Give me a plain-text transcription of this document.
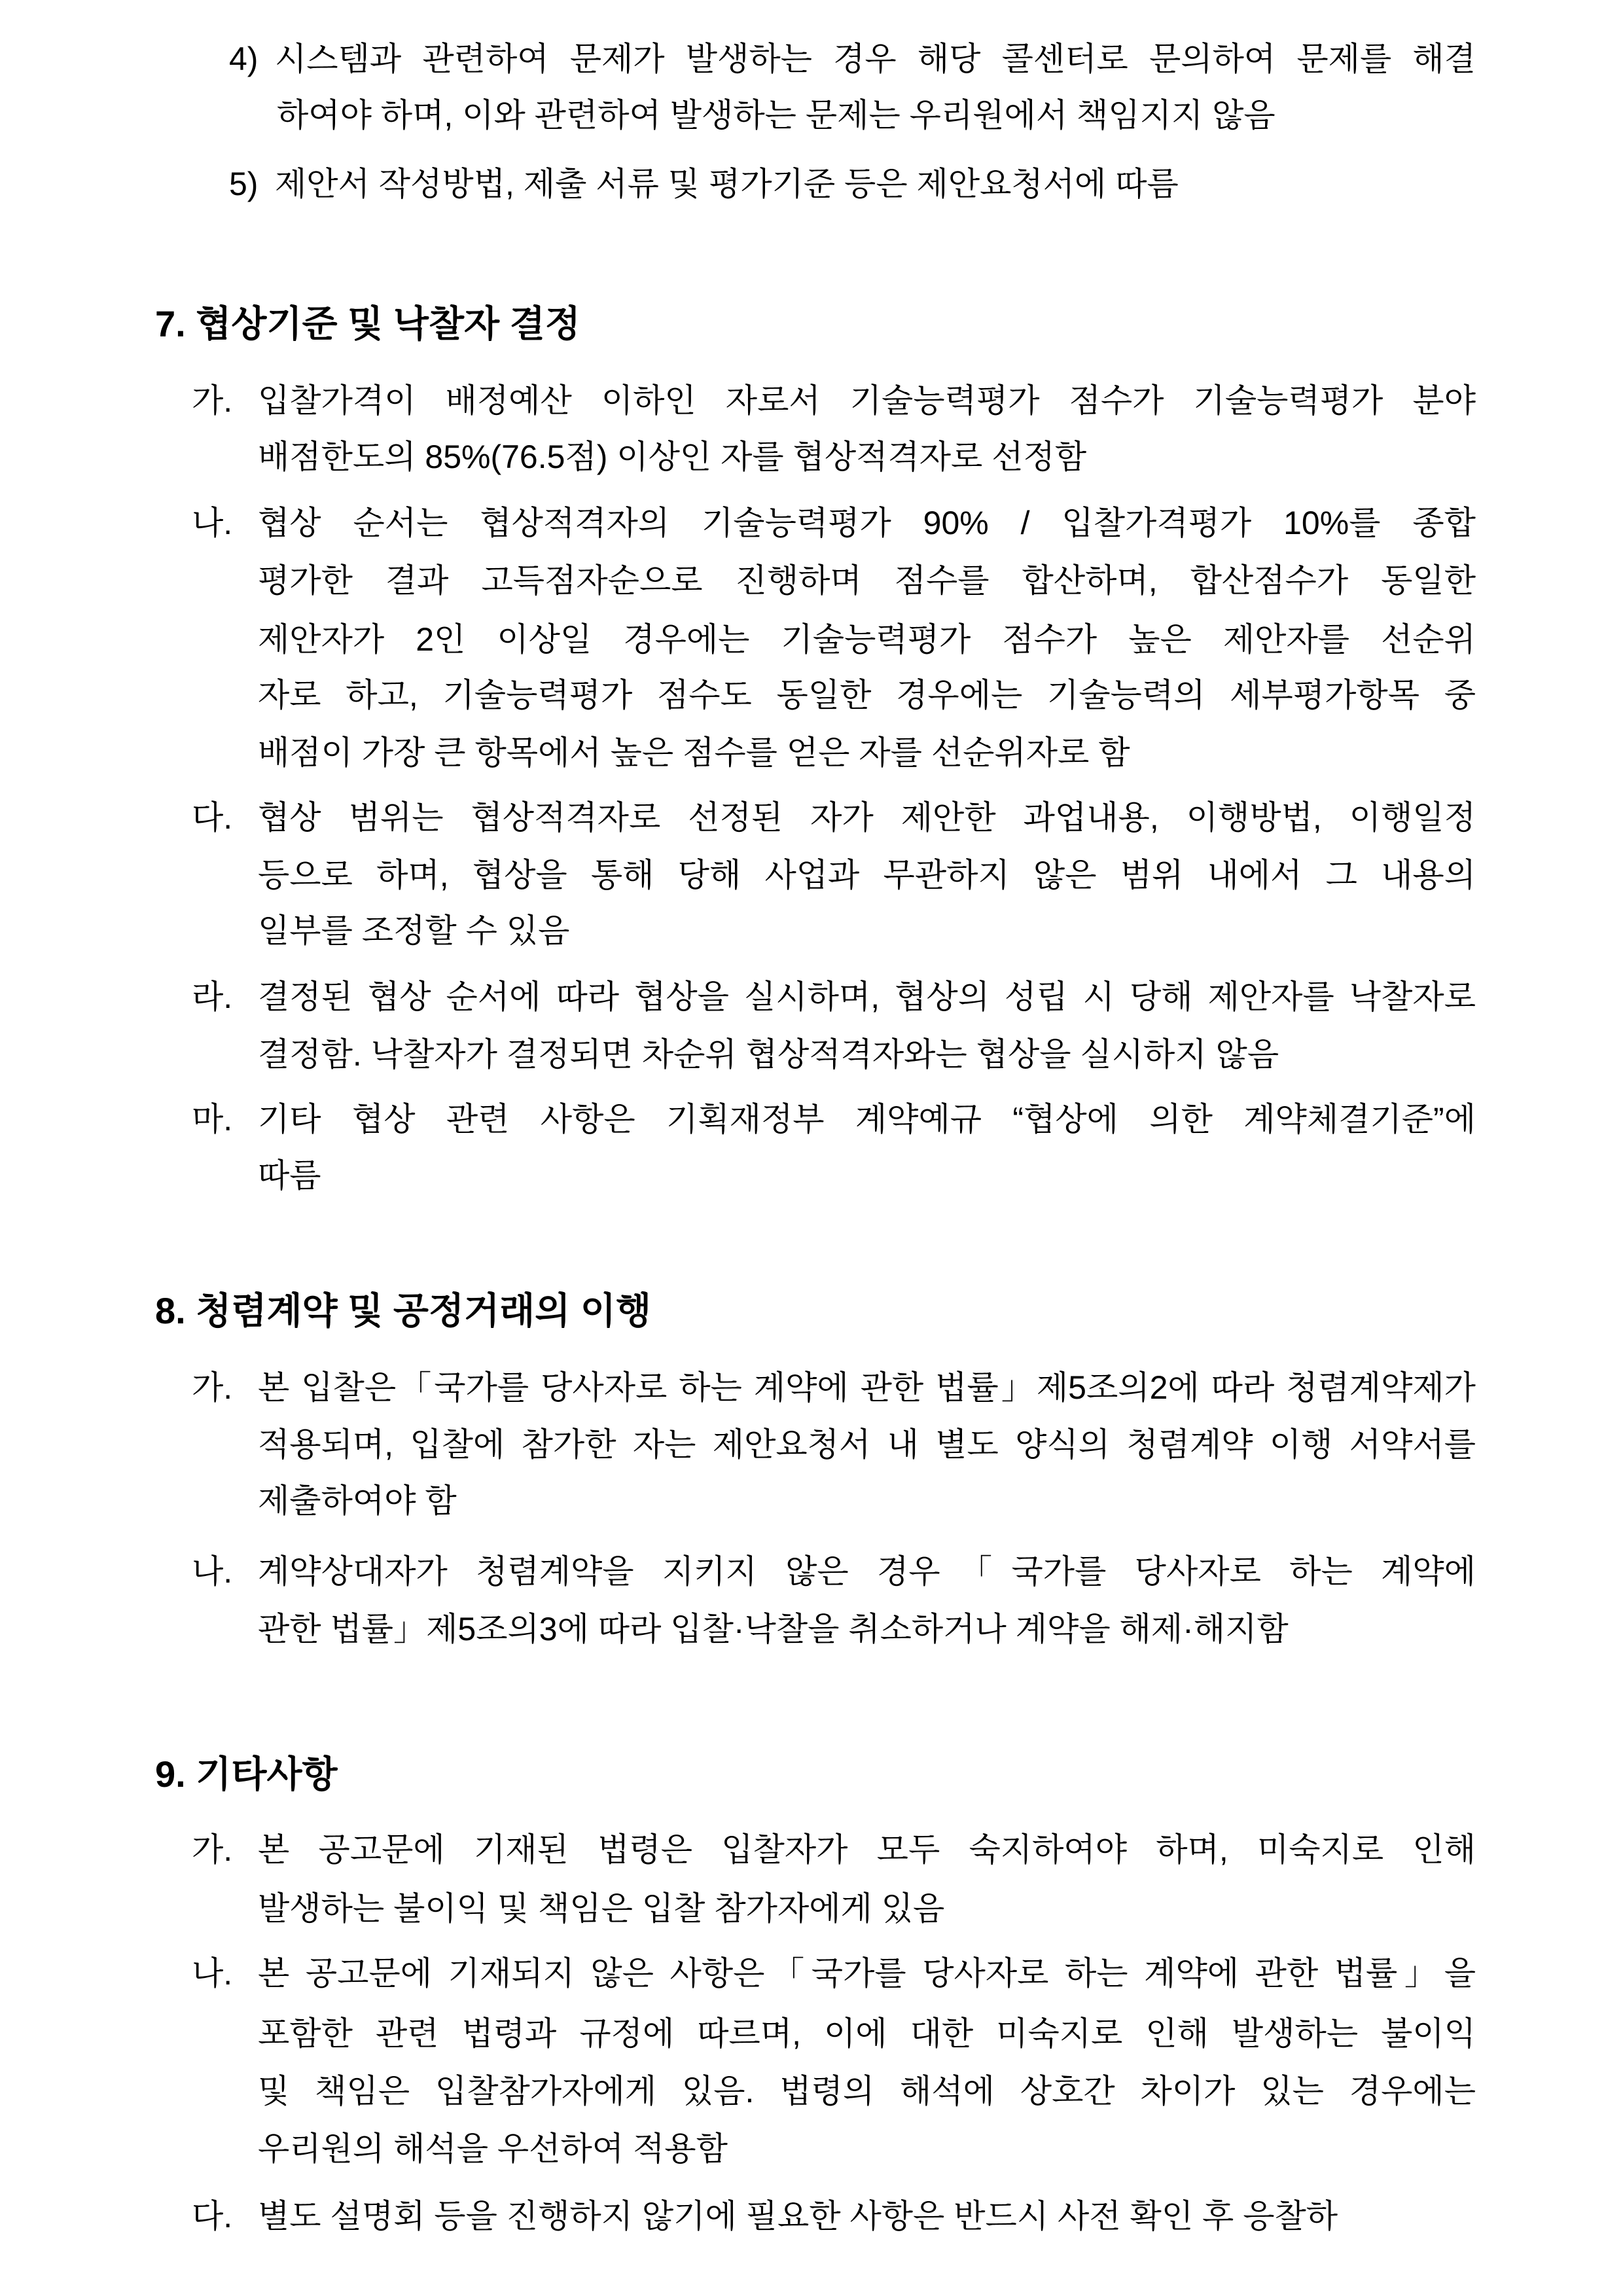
4) 시스템과 관련하여 문제가 발생하는 경우 해당 콜센터로 문의하여 문제를 해결
하여야 하며, 이와 관련하여 발생하는 문제는 우리원에서 책임지지 않음
5) 제안서 작성방법, 제출 서류 및 평가기준 등은 제안요청서에 따름
7. 협상기준 및 낙찰자 결정
가. 입찰가격이 배정예산 이하인 자로서 기술능력평가 점수가 기술능력평가 분야
배점한도의 85%(76.5점) 이상인 자를 협상적격자로 선정함
나. 협상 순서는 협상적격자의 기술능력평가 90% / 입찰가격평가 10%를 종합
평가한 결과 고득점자순으로 진행하며 점수를 합산하며, 합산점수가 동일한
제안자가 2인 이상일 경우에는 기술능력평가 점수가 높은 제안자를 선순위
자로 하고, 기술능력평가 점수도 동일한 경우에는 기술능력의 세부평가항목 중
배점이 가장 큰 항목에서 높은 점수를 얻은 자를 선순위자로 함
다. 협상 범위는 협상적격자로 선정된 자가 제안한 과업내용, 이행방법, 이행일정
등으로 하며, 협상을 통해 당해 사업과 무관하지 않은 범위 내에서 그 내용의
일부를 조정할 수 있음
라. 결정된 협상 순서에 따라 협상을 실시하며, 협상의 성립 시 당해 제안자를 낙찰자로
결정함. 낙찰자가 결정되면 차순위 협상적격자와는 협상을 실시하지 않음
마. 기타 협상 관련 사항은 기획재정부 계약예규 “협상에 의한 계약체결기준”에
따름
8. 청렴계약 및 공정거래의 이행
가. 본 입찰은「국가를 당사자로 하는 계약에 관한 법률」제5조의2에 따라 청렴계약제가
적용되며, 입찰에 참가한 자는 제안요청서 내 별도 양식의 청렴계약 이행 서약서를
제출하여야 함
나. 계약상대자가 청렴계약을 지키지 않은 경우「국가를 당사자로 하는 계약에
관한 법률」제5조의3에 따라 입찰·낙찰을 취소하거나 계약을 해제·해지함
9. 기타사항
가. 본 공고문에 기재된 법령은 입찰자가 모두 숙지하여야 하며, 미숙지로 인해
발생하는 불이익 및 책임은 입찰 참가자에게 있음
나. 본 공고문에 기재되지 않은 사항은「국가를 당사자로 하는 계약에 관한 법률」을
포함한 관련 법령과 규정에 따르며, 이에 대한 미숙지로 인해 발생하는 불이익
및 책임은 입찰참가자에게 있음. 법령의 해석에 상호간 차이가 있는 경우에는
우리원의 해석을 우선하여 적용함
다. 별도 설명회 등을 진행하지 않기에 필요한 사항은 반드시 사전 확인 후 응찰하
